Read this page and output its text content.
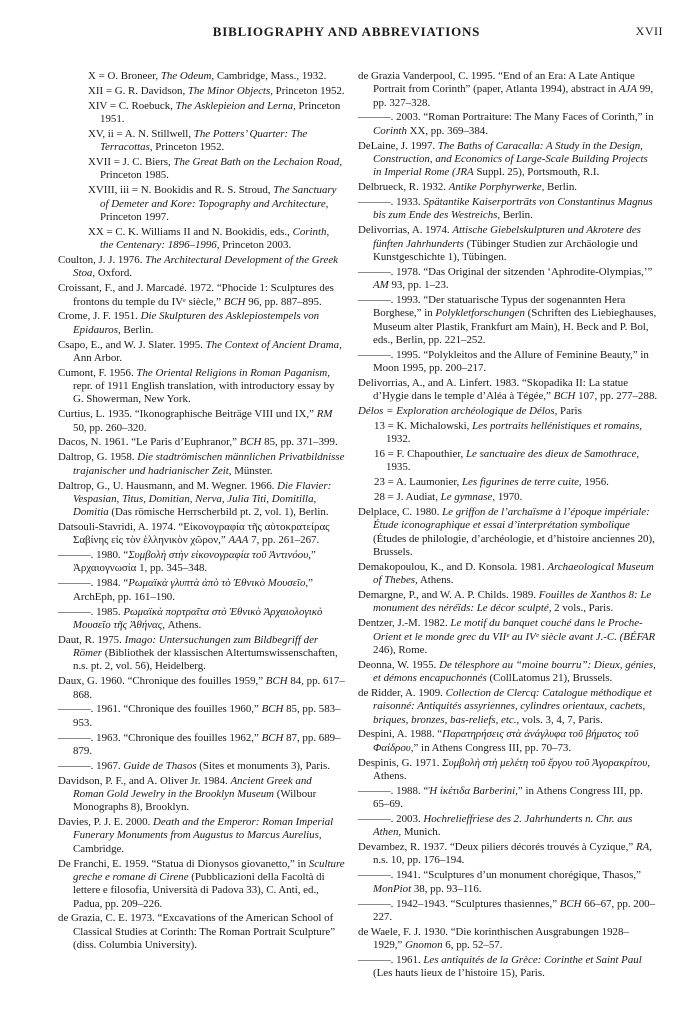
BIBLIOGRAPHY AND ABBREVIATIONS	XVII
X = O. Broneer, The Odeum, Cambridge, Mass., 1932.
XII = G. R. Davidson, The Minor Objects, Princeton 1952.
XIV = C. Roebuck, The Asklepieion and Lerna, Princeton 1951.
XV, ii = A. N. Stillwell, The Potters’ Quarter: The Terracottas, Princeton 1952.
XVII = J. C. Biers, The Great Bath on the Lechaion Road, Princeton 1985.
XVIII, iii = N. Bookidis and R. S. Stroud, The Sanctuary of Demeter and Kore: Topography and Architecture, Princeton 1997.
XX = C. K. Williams II and N. Bookidis, eds., Corinth, the Centenary: 1896–1996, Princeton 2003.
Coulton, J. J. 1976. The Architectural Development of the Greek Stoa, Oxford.
Croissant, F., and J. Marcadé. 1972. “Phocide 1: Sculptures des frontons du temple du IVᵉ siècle,” BCH 96, pp. 887–895.
Crome, J. F. 1951. Die Skulpturen des Asklepiostempels von Epidauros, Berlin.
Csapo, E., and W. J. Slater. 1995. The Context of Ancient Drama, Ann Arbor.
Cumont, F. 1956. The Oriental Religions in Roman Paganism, repr. of 1911 English translation, with introductory essay by G. Showerman, New York.
Curtius, L. 1935. “Ikonographische Beiträge VIII und IX,” RM 50, pp. 260–320.
Dacos, N. 1961. “Le Paris d’Euphranor,” BCH 85, pp. 371–399.
Daltrop, G. 1958. Die stadtrömischen männlichen Privatbildnisse trajanischer und hadrianischer Zeit, Münster.
Daltrop, G., U. Hausmann, and M. Wegner. 1966. Die Flavier: Vespasian, Titus, Domitian, Nerva, Julia Titi, Domitilla, Domitia (Das römische Herrscherbild pt. 2, vol. 1), Berlin.
Datsouli-Stavridi, A. 1974. “Εἰκονογραφία τῆς αὐτοκρατείρας Σαβίνης εἰς τὸν ἑλληνικὸν χῶρον,” AAA 7, pp. 261–267.
———. 1980. “Συμβολὴ στὴν εἰκονογραφία τοῦ Ἀντινόου,” Ἀρχαιογνωσία 1, pp. 345–348.
———. 1984. “Ρωμαϊκὰ γλυπτὰ ἀπὸ τὸ Ἐθνικὸ Μουσεῖο,” ArchEph, pp. 161–190.
———. 1985. Ρωμαϊκὰ πορτραῖτα στὸ Ἐθνικὸ Ἀρχαιολογικὸ Μουσεῖο τῆς Ἀθήνας, Athens.
Daut, R. 1975. Imago: Untersuchungen zum Bildbegriff der Römer (Bibliothek der klassischen Altertumswissenschaften, n.s. pt. 2, vol. 56), Heidelberg.
Daux, G. 1960. “Chronique des fouilles 1959,” BCH 84, pp. 617–868.
———. 1961. “Chronique des fouilles 1960,” BCH 85, pp. 583–953.
———. 1963. “Chronique des fouilles 1962,” BCH 87, pp. 689–879.
———. 1967. Guide de Thasos (Sites et monuments 3), Paris.
Davidson, P. F., and A. Oliver Jr. 1984. Ancient Greek and Roman Gold Jewelry in the Brooklyn Museum (Wilbour Monographs 8), Brooklyn.
Davies, P. J. E. 2000. Death and the Emperor: Roman Imperial Funerary Monuments from Augustus to Marcus Aurelius, Cambridge.
De Franchi, E. 1959. “Statua di Dionysos giovanetto,” in Sculture greche e romane di Cirene (Pubblicazioni della Facoltà di lettere e filosofia, Università di Padova 33), C. Anti, ed., Padua, pp. 209–226.
de Grazia, C. E. 1973. “Excavations of the American School of Classical Studies at Corinth: The Roman Portrait Sculpture” (diss. Columbia University).
de Grazia Vanderpool, C. 1995. “End of an Era: A Late Antique Portrait from Corinth” (paper, Atlanta 1994), abstract in AJA 99, pp. 327–328.
———. 2003. “Roman Portraiture: The Many Faces of Corinth,” in Corinth XX, pp. 369–384.
DeLaine, J. 1997. The Baths of Caracalla: A Study in the Design, Construction, and Economics of Large-Scale Building Projects in Imperial Rome (JRA Suppl. 25), Portsmouth, R.I.
Delbrueck, R. 1932. Antike Porphyrwerke, Berlin.
———. 1933. Spätantike Kaiserporträts von Constantinus Magnus bis zum Ende des Westreichs, Berlin.
Delivorrias, A. 1974. Attische Giebelskulpturen und Akrotere des fünften Jahrhunderts (Tübinger Studien zur Archäologie und Kunstgeschichte 1), Tübingen.
———. 1978. “Das Original der sitzenden ‘Aphrodite-Olympias,’” AM 93, pp. 1–23.
———. 1993. “Der statuarische Typus der sogenannten Hera Borghese,” in Polykletforschungen (Schriften des Liebieghauses, Museum alter Plastik, Frankfurt am Main), H. Beck and P. Bol, eds., Berlin, pp. 221–252.
———. 1995. “Polykleitos and the Allure of Feminine Beauty,” in Moon 1995, pp. 200–217.
Delivorrias, A., and A. Linfert. 1983. “Skopadika II: La statue d’Hygie dans le temple d’Aléa à Tégée,” BCH 107, pp. 277–288.
Délos = Exploration archéologique de Délos, Paris
13 = K. Michalowski, Les portraits hellénistiques et romains, 1932.
16 = F. Chapouthier, Le sanctuaire des dieux de Samothrace, 1935.
23 = A. Laumonier, Les figurines de terre cuite, 1956.
28 = J. Audiat, Le gymnase, 1970.
Delplace, C. 1980. Le griffon de l’archaïsme à l’époque impériale: Étude iconographique et essai d’interprétation symbolique (Études de philologie, d’archéologie, et d’histoire anciennes 20), Brussels.
Demakopoulou, K., and D. Konsola. 1981. Archaeological Museum of Thebes, Athens.
Demargne, P., and W. A. P. Childs. 1989. Fouilles de Xanthos 8: Le monument des néréïds: Le décor sculpté, 2 vols., Paris.
Dentzer, J.-M. 1982. Le motif du banquet couché dans le Proche-Orient et le monde grec du VIIᵉ au IVᵉ siècle avant J.-C. (BÉFAR 246), Rome.
Deonna, W. 1955. De télesphore au “moine bourru”: Dieux, génies, et démons encapuchonnés (CollLatomus 21), Brussels.
de Ridder, A. 1909. Collection de Clercq: Catalogue méthodique et raisonné: Antiquités assyriennes, cylindres orientaux, cachets, briques, bronzes, bas-reliefs, etc., vols. 3, 4, 7, Paris.
Despini, A. 1988. “Παρατηρήσεις στὰ ἀνάγλυφα τοῦ βήματος τοῦ Φαίδρου,” in Athens Congress III, pp. 70–73.
Despinis, G. 1971. Συμβολὴ στὴ μελέτη τοῦ ἔργου τοῦ Ἀγορακρίτου, Athens.
———. 1988. “Ἡ ἱκέτιδα Barberini,” in Athens Congress III, pp. 65–69.
———. 2003. Hochrelieffriese des 2. Jahrhunderts n. Chr. aus Athen, Munich.
Devambez, R. 1937. “Deux piliers décorés trouvés à Cyzique,” RA, n.s. 10, pp. 176–194.
———. 1941. “Sculptures d’un monument chorégique, Thasos,” MonPiot 38, pp. 93–116.
———. 1942–1943. “Sculptures thasiennes,” BCH 66–67, pp. 200–227.
de Waele, F. J. 1930. “Die korinthischen Ausgrabungen 1928–1929,” Gnomon 6, pp. 52–57.
———. 1961. Les antiquités de la Grèce: Corinthe et Saint Paul (Les hauts lieux de l’histoire 15), Paris.
